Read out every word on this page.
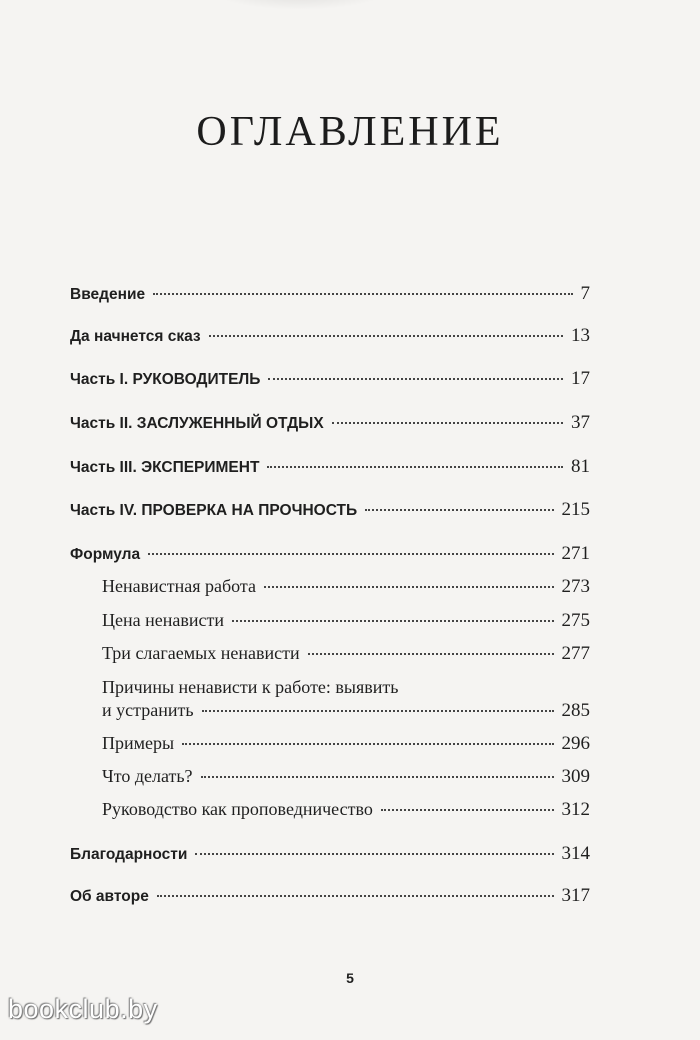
ОГЛАВЛЕНИЕ
Введение	7
Да начнется сказ	13
Часть I. РУКОВОДИТЕЛЬ	17
Часть II. ЗАСЛУЖЕННЫЙ ОТДЫХ	37
Часть III. ЭКСПЕРИМЕНТ	81
Часть IV. ПРОВЕРКА НА ПРОЧНОСТЬ	215
Формула	271
Ненавистная работа	273
Цена ненависти	275
Три слагаемых ненависти	277
Причины ненависти к работе: выявить
и устранить	285
Примеры	296
Что делать?	309
Руководство как проповедничество	312
Благодарности	314
Об авторе	317
5
bookclub.by
